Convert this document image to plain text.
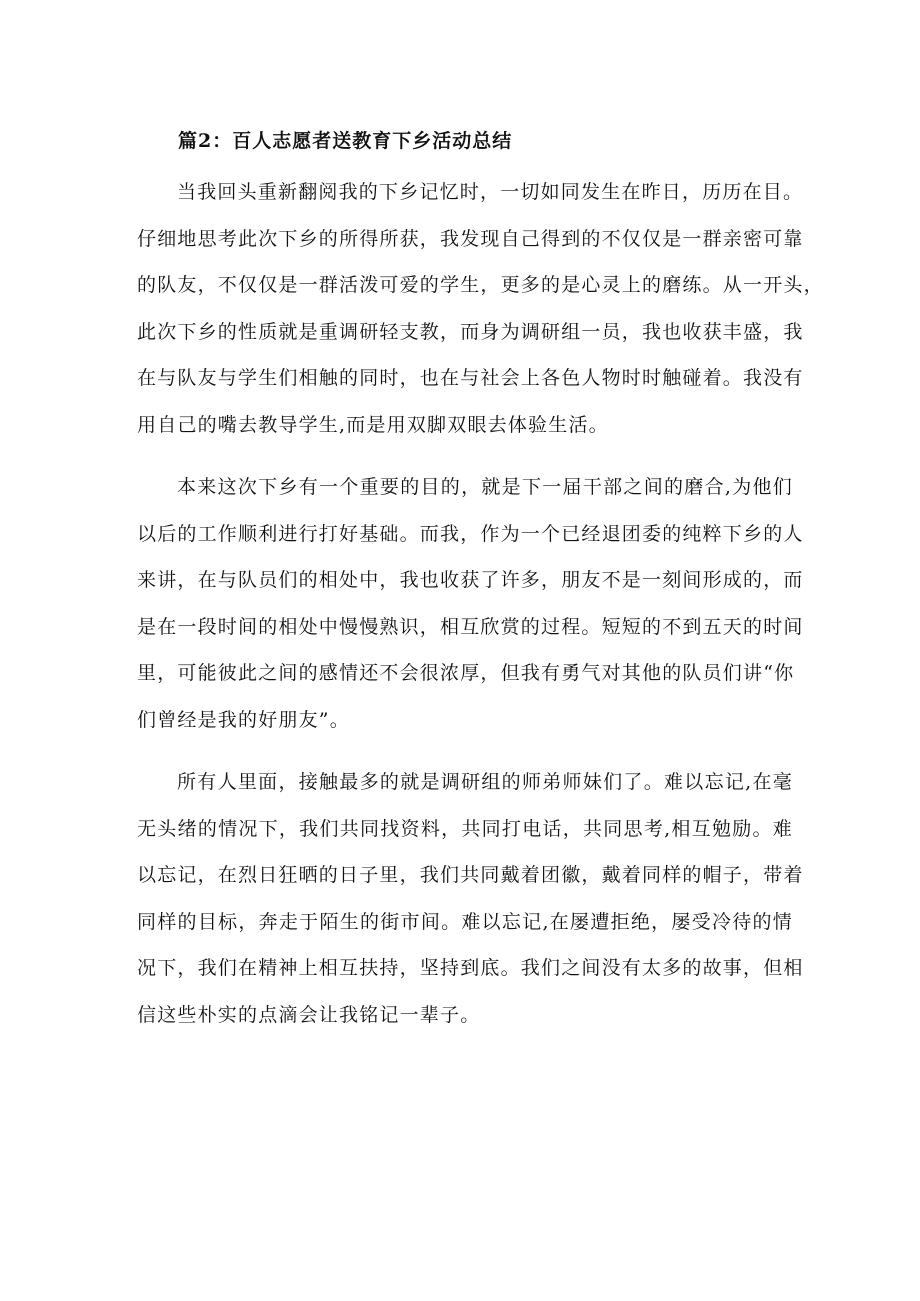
篇2：百人志愿者送教育下乡活动总结
当我回头重新翻阅我的下乡记忆时，一切如同发生在昨日，历历在目。
仔细地思考此次下乡的所得所获，我发现自己得到的不仅仅是一群亲密可靠
的队友，不仅仅是一群活泼可爱的学生，更多的是心灵上的磨练。从一开头，
此次下乡的性质就是重调研轻支教，而身为调研组一员，我也收获丰盛，我
在与队友与学生们相触的同时，也在与社会上各色人物时时触碰着。我没有
用自己的嘴去教导学生,而是用双脚双眼去体验生活。
本来这次下乡有一个重要的目的，就是下一届干部之间的磨合,为他们
以后的工作顺利进行打好基础。而我，作为一个已经退团委的纯粹下乡的人
来讲，在与队员们的相处中，我也收获了许多，朋友不是一刻间形成的，而
是在一段时间的相处中慢慢熟识，相互欣赏的过程。短短的不到五天的时间
里，可能彼此之间的感情还不会很浓厚，但我有勇气对其他的队员们讲“你
们曾经是我的好朋友”。
所有人里面，接触最多的就是调研组的师弟师妹们了。难以忘记,在毫
无头绪的情况下，我们共同找资料，共同打电话，共同思考,相互勉励。难
以忘记，在烈日狂晒的日子里，我们共同戴着团徽，戴着同样的帽子，带着
同样的目标，奔走于陌生的街市间。难以忘记,在屡遭拒绝，屡受冷待的情
况下，我们在精神上相互扶持，坚持到底。我们之间没有太多的故事，但相
信这些朴实的点滴会让我铭记一辈子。
